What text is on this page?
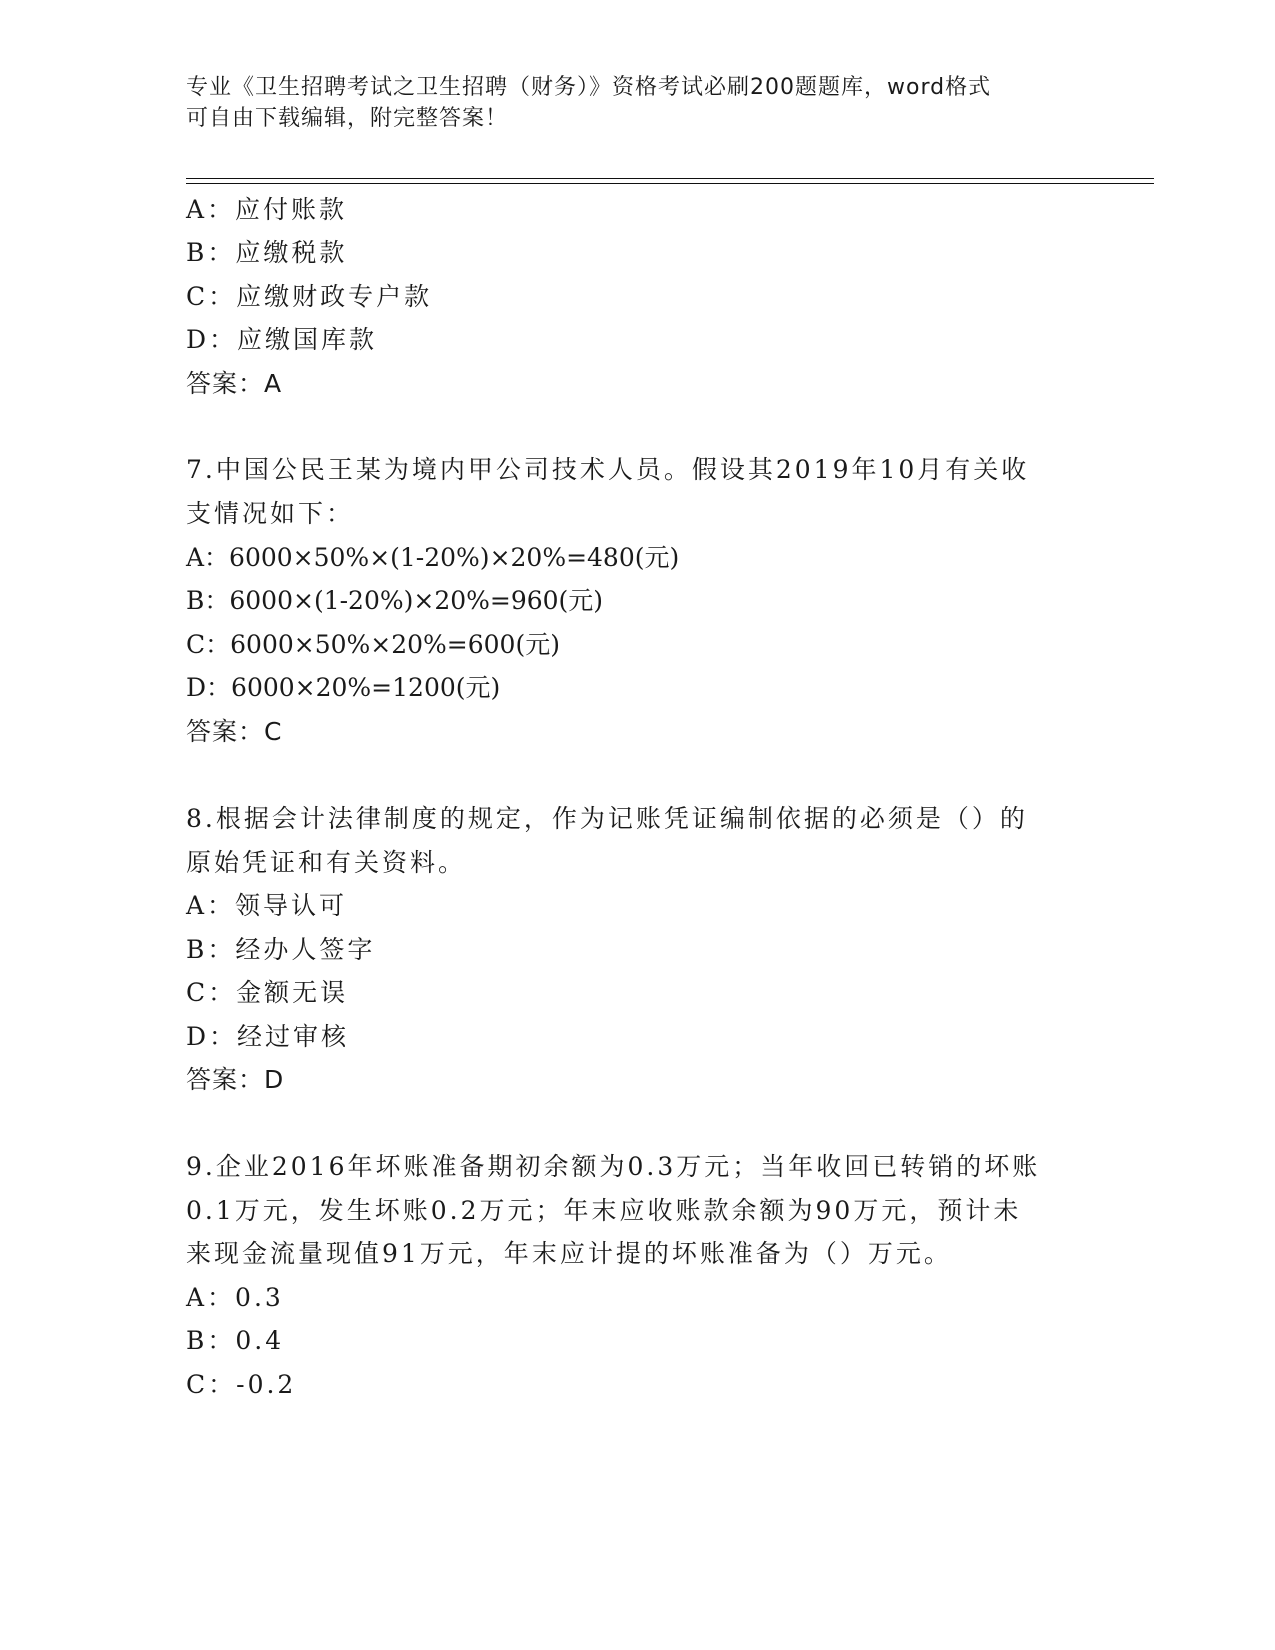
专业《卫生招聘考试之卫生招聘（财务）》资格考试必刷200题题库，word格式
可自由下载编辑，附完整答案！
A：应付账款
B：应缴税款
C：应缴财政专户款
D：应缴国库款
答案：A
7.中国公民王某为境内甲公司技术人员。假设其2019年10月有关收
支情况如下：
A：6000×50%×(1-20%)×20%=480(元)
B：6000×(1-20%)×20%=960(元)
C：6000×50%×20%=600(元)
D：6000×20%=1200(元)
答案：C
8.根据会计法律制度的规定，作为记账凭证编制依据的必须是（）的
原始凭证和有关资料。
A：领导认可
B：经办人签字
C：金额无误
D：经过审核
答案：D
9.企业2016年坏账准备期初余额为0.3万元；当年收回已转销的坏账
0.1万元，发生坏账0.2万元；年末应收账款余额为90万元，预计未
来现金流量现值91万元，年末应计提的坏账准备为（）万元。
A：0.3
B：0.4
C：-0.2
